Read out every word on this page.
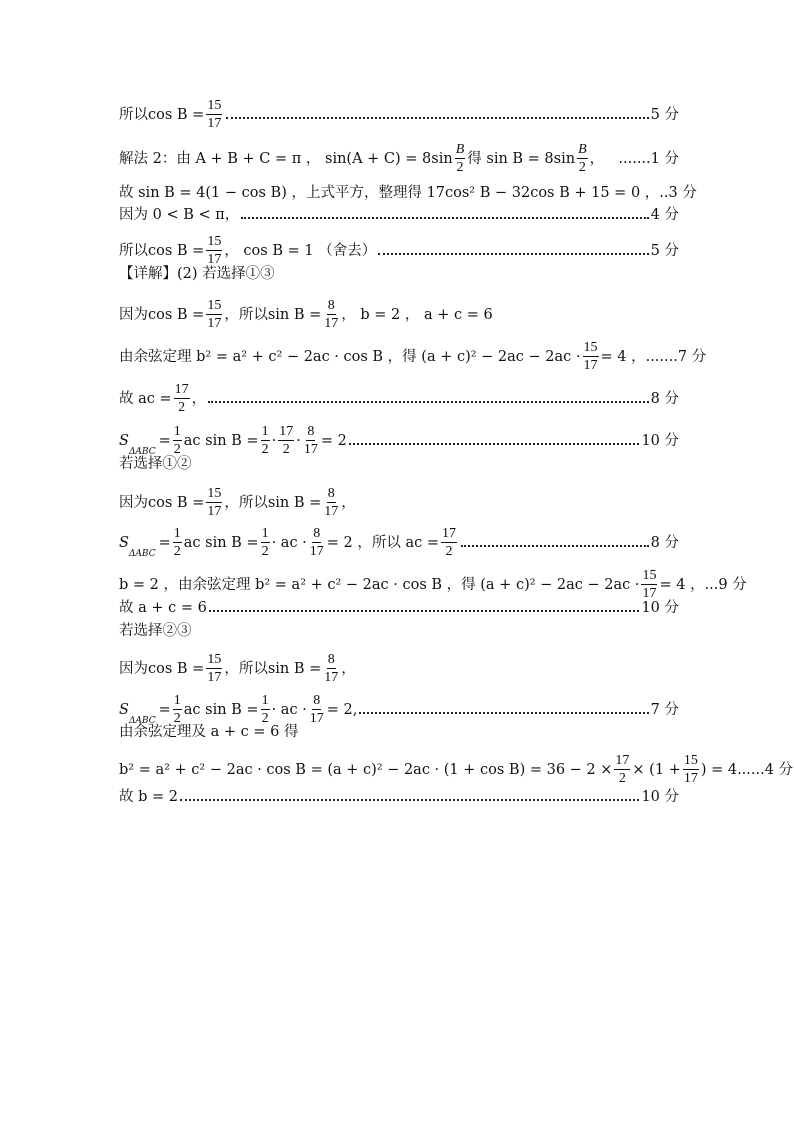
所以$\cos B = \frac{15}{17}$	5 分
解法 2：由 A + B + C = π ， $\sin(A + C) = 8\sin \frac{B}{2}$ 得 $\sin B = 8\sin \frac{B}{2}$ ， .......1 分
故 sin B = 4(1 − cos B) ，上式平方，整理得 17cos² B − 32cos B + 15 = 0 ， ..3 分
因为 0 < B < π，	4 分
所以$\cos B = \frac{15}{17}$ ， cos B = 1 （舍去）	5 分
【详解】(2) 若选择①③
因为$\cos B = \frac{15}{17}$ ，所以$\sin B = \frac{8}{17}$ ， b = 2 ， a + c = 6
由余弦定理 b² = a² + c² − 2ac · cos B ，得 $(a + c)^2 - 2ac - 2ac \cdot \frac{15}{17} = 4$ ， .......7 分
故 ac = $\frac{17}{2}$ ，	8 分
S
ΔABC
= $\frac{1}{2}$ ac $\sin B = \frac{1}{2} \cdot \frac{17}{2} \cdot \frac{8}{17} = 2$	10 分
若选择①②
因为$\cos B = \frac{15}{17}$ ，所以$\sin B = \frac{8}{17}$ ，
S
ΔABC
= $\frac{1}{2}$ ac $\sin B = \frac{1}{2}$ · ac · $\frac{8}{17} = 2$ ，所以 ac = $\frac{17}{2}$	8 分
b = 2 ，由余弦定理 b² = a² + c² − 2ac · cos B ，得 $(a + c)^2 - 2ac - 2ac \cdot \frac{15}{17} = 4$ ， ...9 分
故 a + c = 6	10 分
若选择②③
因为$\cos B = \frac{15}{17}$ ，所以$\sin B = \frac{8}{17}$ ，
S
ΔABC
= $\frac{1}{2}$ ac $\sin B = \frac{1}{2}$ · ac · $\frac{8}{17} = 2$,	7 分
由余弦定理及 a + c = 6 得
$b^2 = a^2 + c^2 - 2ac \cdot \cos B = (a + c)^2 - 2ac \cdot (1 + \cos B) = 36 - 2 \times \frac{17}{2} \times (1 + \frac{15}{17}$ ) = 4 ......4 分
故 b = 2	10 分
